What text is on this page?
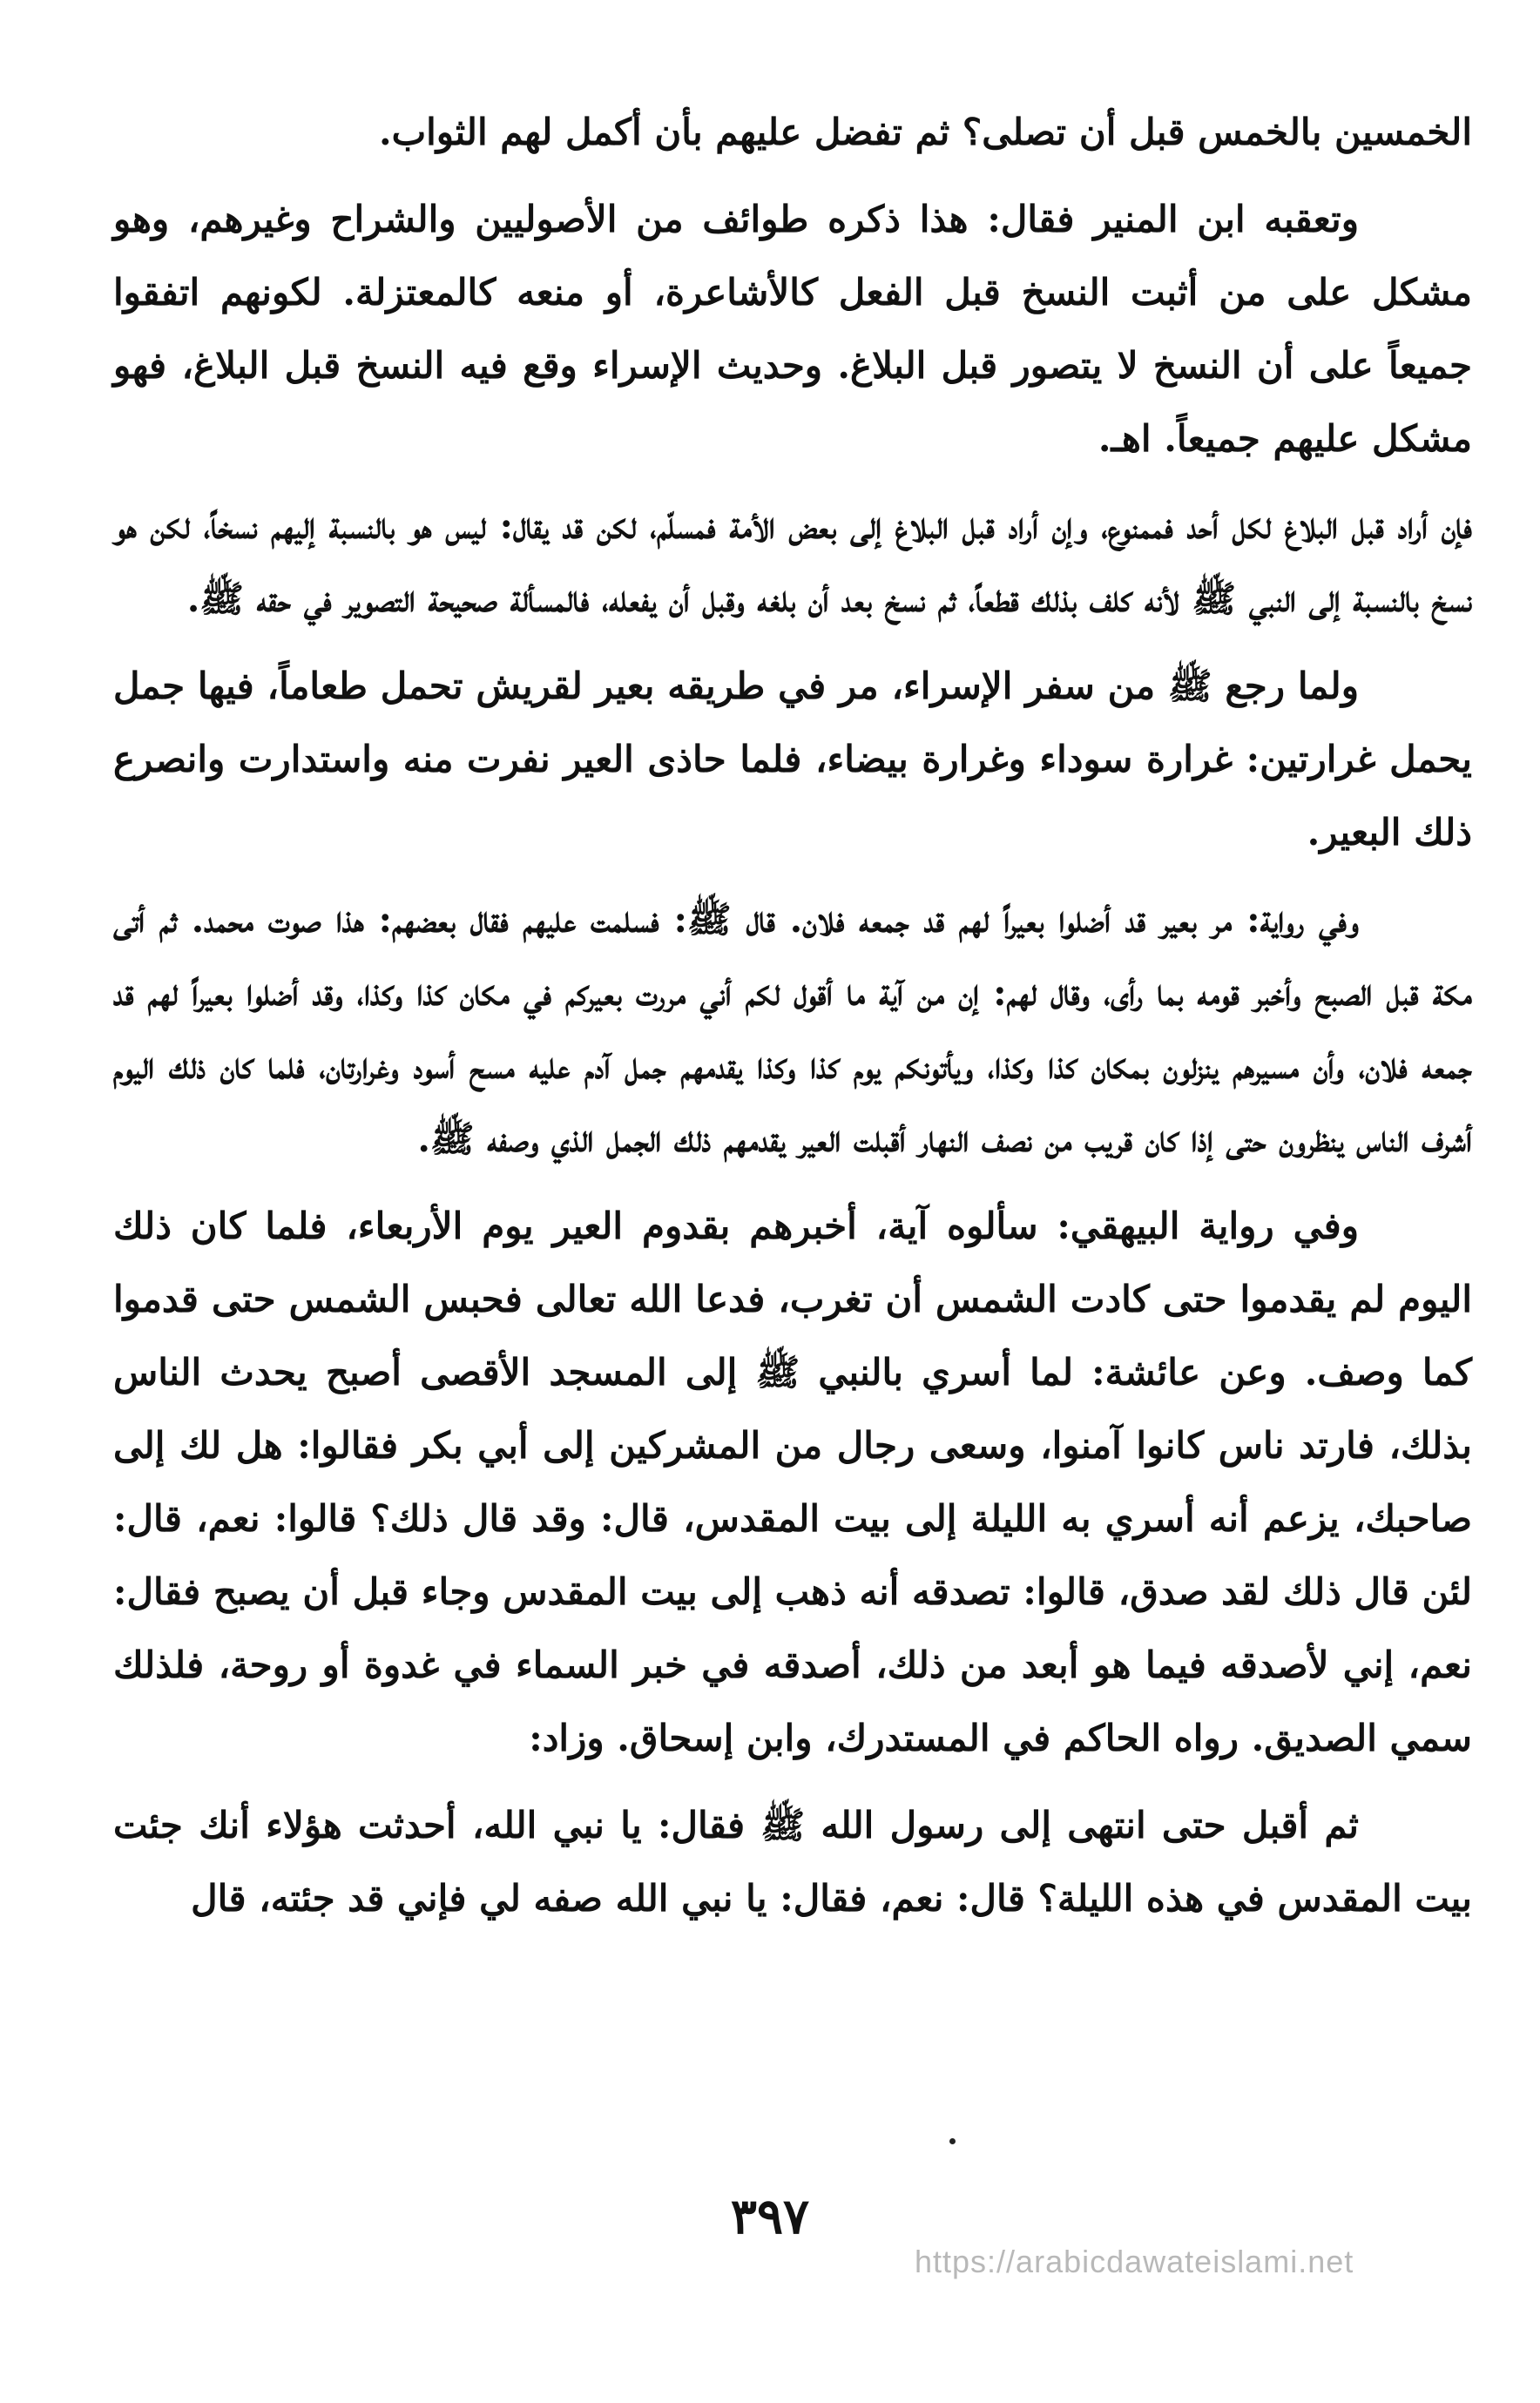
الخمسين بالخمس قبل أن تصلى؟ ثم تفضل عليهم بأن أكمل لهم الثواب.

وتعقبه ابن المنير فقال: هذا ذكره طوائف من الأصوليين والشراح وغيرهم، وهو مشكل على من أثبت النسخ قبل الفعل كالأشاعرة، أو منعه كالمعتزلة. لكونهم اتفقوا جميعاً على أن النسخ لا يتصور قبل البلاغ. وحديث الإسراء وقع فيه النسخ قبل البلاغ، فهو مشكل عليهم جميعاً. اهـ.

فإن أراد قبل البلاغ لكل أحد فممنوع، وإن أراد قبل البلاغ إلى بعض الأمة فمسلّم، لكن قد يقال: ليس هو بالنسبة إليهم نسخاً، لكن هو نسخ بالنسبة إلى النبي ﷺ لأنه كلف بذلك قطعاً، ثم نسخ بعد أن بلغه وقبل أن يفعله، فالمسألة صحيحة التصوير في حقه ﷺ.

ولما رجع ﷺ من سفر الإسراء، مر في طريقه بعير لقريش تحمل طعاماً، فيها جمل يحمل غرارتين: غرارة سوداء وغرارة بيضاء، فلما حاذى العير نفرت منه واستدارت وانصرع ذلك البعير.

وفي رواية: مر بعير قد أضلوا بعيراً لهم قد جمعه فلان. قال ﷺ: فسلمت عليهم فقال بعضهم: هذا صوت محمد. ثم أتى مكة قبل الصبح وأخبر قومه بما رأى، وقال لهم: إن من آية ما أقول لكم أني مررت بعيركم في مكان كذا وكذا، وقد أضلوا بعيراً لهم قد جمعه فلان، وأن مسيرهم ينزلون بمكان كذا وكذا، ويأتونكم يوم كذا وكذا يقدمهم جمل آدم عليه مسح أسود وغرارتان، فلما كان ذلك اليوم أشرف الناس ينظرون حتى إذا كان قريب من نصف النهار أقبلت العير يقدمهم ذلك الجمل الذي وصفه ﷺ.

وفي رواية البيهقي: سألوه آية، أخبرهم بقدوم العير يوم الأربعاء، فلما كان ذلك اليوم لم يقدموا حتى كادت الشمس أن تغرب، فدعا الله تعالى فحبس الشمس حتى قدموا كما وصف. وعن عائشة: لما أسري بالنبي ﷺ إلى المسجد الأقصى أصبح يحدث الناس بذلك، فارتد ناس كانوا آمنوا، وسعى رجال من المشركين إلى أبي بكر فقالوا: هل لك إلى صاحبك، يزعم أنه أسري به الليلة إلى بيت المقدس، قال: وقد قال ذلك؟ قالوا: نعم، قال: لئن قال ذلك لقد صدق، قالوا: تصدقه أنه ذهب إلى بيت المقدس وجاء قبل أن يصبح فقال: نعم، إني لأصدقه فيما هو أبعد من ذلك، أصدقه في خبر السماء في غدوة أو روحة، فلذلك سمي الصديق. رواه الحاكم في المستدرك، وابن إسحاق. وزاد:

ثم أقبل حتى انتهى إلى رسول الله ﷺ فقال: يا نبي الله، أحدثت هؤلاء أنك جئت بيت المقدس في هذه الليلة؟ قال: نعم، فقال: يا نبي الله صفه لي فإني قد جئته، قال

٣٩٧
https://arabicdawateislami.net
